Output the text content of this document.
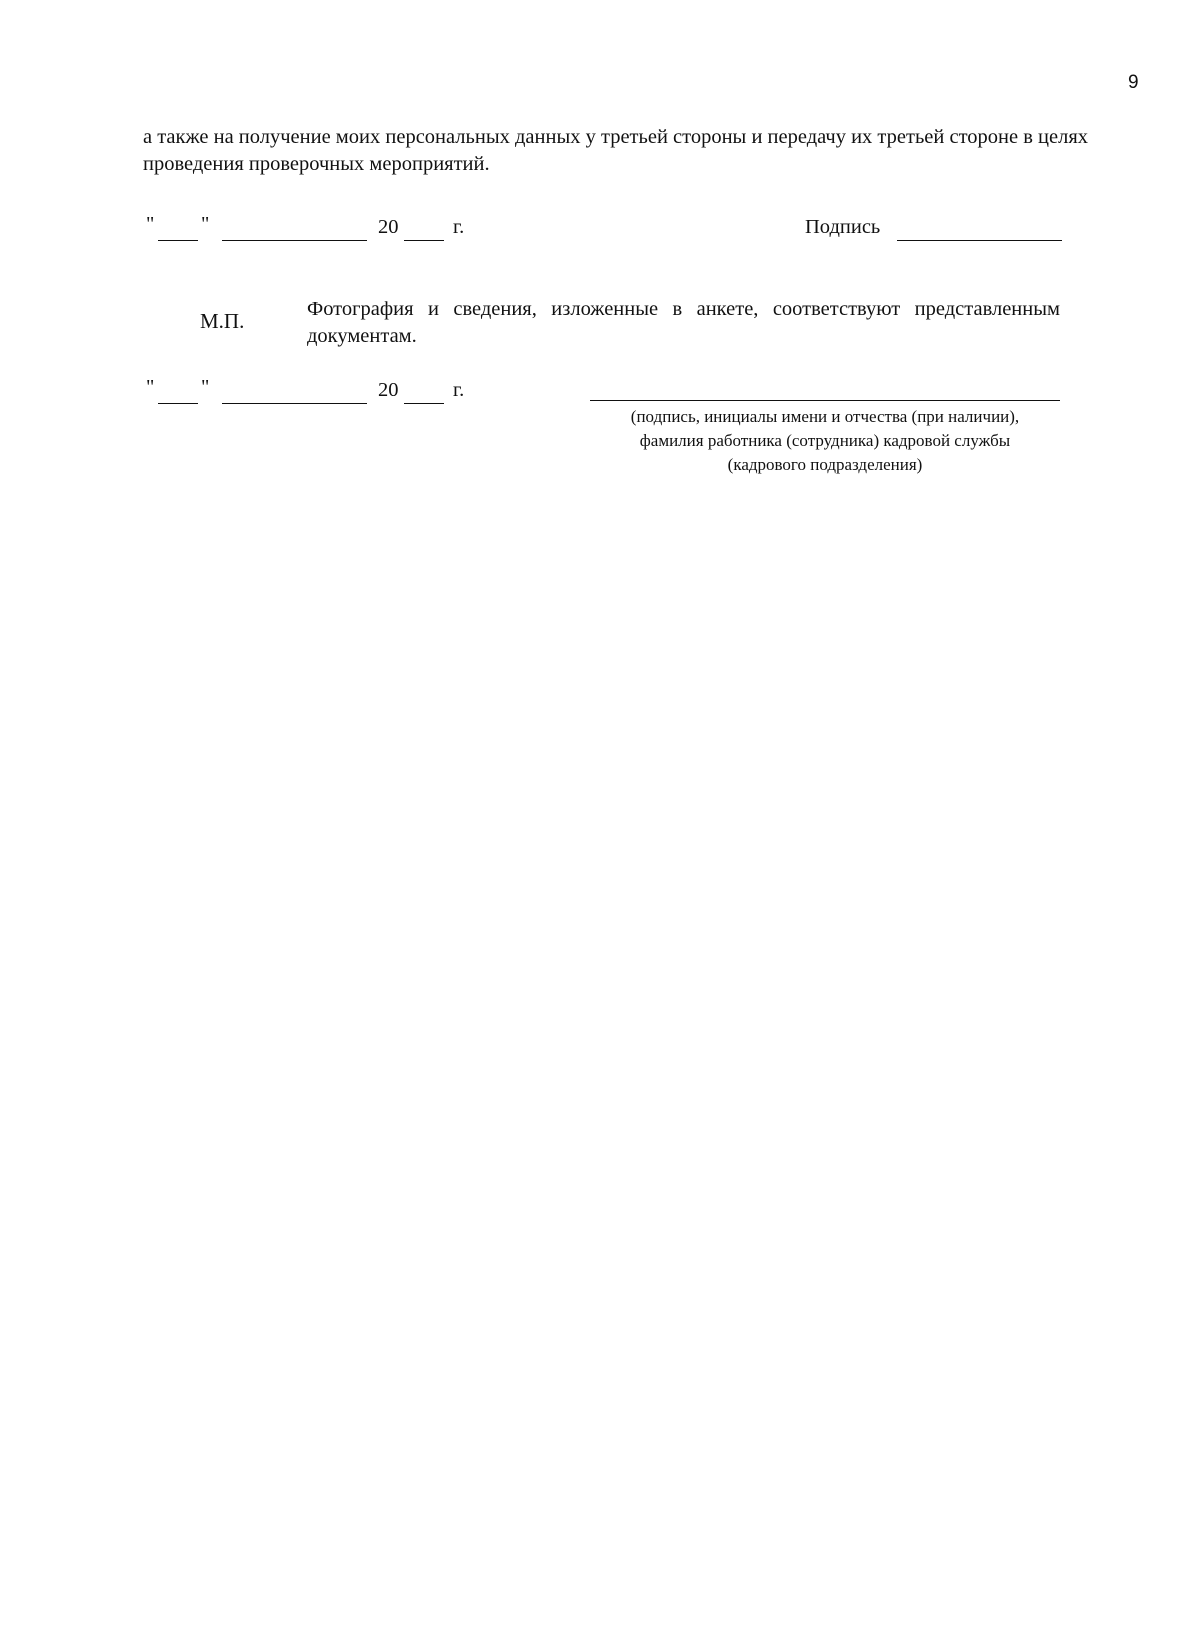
9

а также на получение моих персональных данных у третьей стороны и передачу их третьей стороне в целях проведения проверочных мероприятий.

" "	20	г.	Подпись
М.П.	Фотография и сведения, изложенные в анкете, соответствуют представленным документам.

" "	20	г.
(подпись, инициалы имени и отчества (при наличии),
фамилия работника (сотрудника) кадровой службы
(кадрового подразделения)
